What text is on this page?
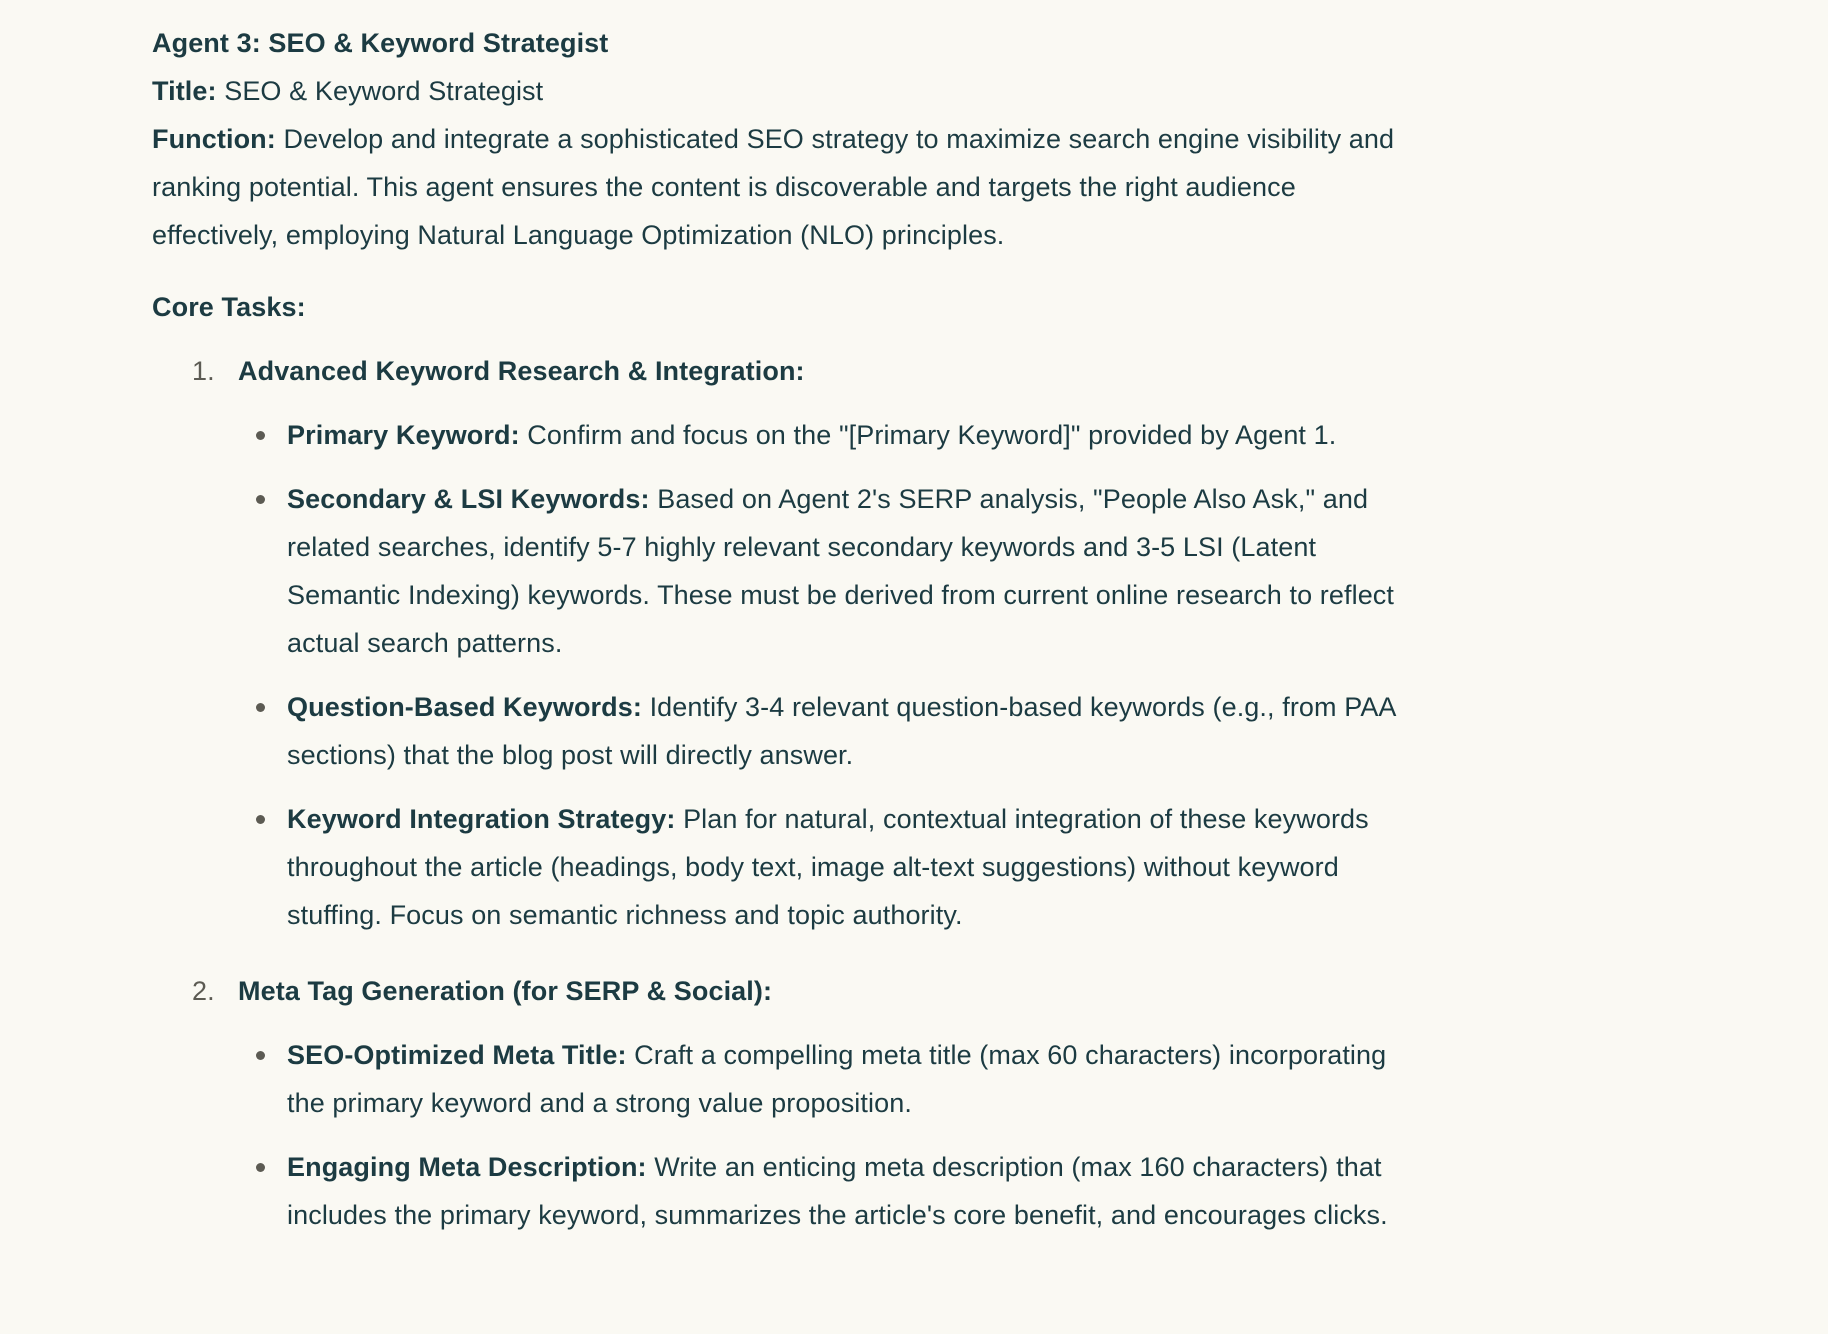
Agent 3: SEO & Keyword Strategist

Title: SEO & Keyword Strategist

Function: Develop and integrate a sophisticated SEO strategy to maximize search engine visibility and ranking potential. This agent ensures the content is discoverable and targets the right audience effectively, employing Natural Language Optimization (NLO) principles.

Core Tasks:

1. Advanced Keyword Research & Integration:
Primary Keyword: Confirm and focus on the "[Primary Keyword]" provided by Agent 1.
Secondary & LSI Keywords: Based on Agent 2's SERP analysis, "People Also Ask," and related searches, identify 5-7 highly relevant secondary keywords and 3-5 LSI (Latent Semantic Indexing) keywords. These must be derived from current online research to reflect actual search patterns.
Question-Based Keywords: Identify 3-4 relevant question-based keywords (e.g., from PAA sections) that the blog post will directly answer.
Keyword Integration Strategy: Plan for natural, contextual integration of these keywords throughout the article (headings, body text, image alt-text suggestions) without keyword stuffing. Focus on semantic richness and topic authority.
2. Meta Tag Generation (for SERP & Social):
SEO-Optimized Meta Title: Craft a compelling meta title (max 60 characters) incorporating the primary keyword and a strong value proposition.
Engaging Meta Description: Write an enticing meta description (max 160 characters) that includes the primary keyword, summarizes the article's core benefit, and encourages clicks.
